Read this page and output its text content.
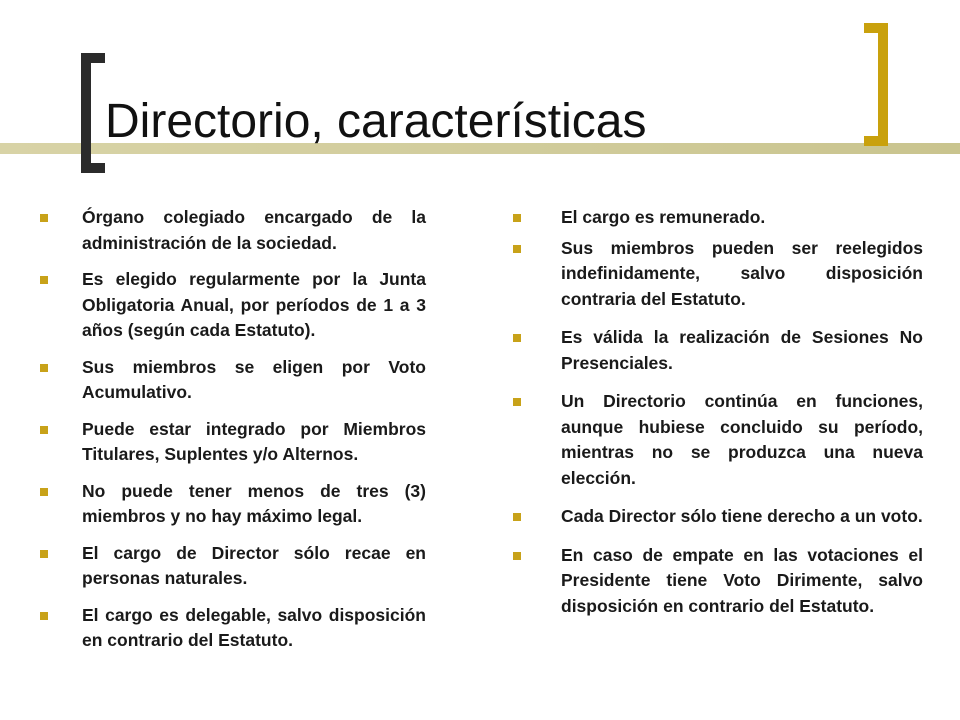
Directorio, características
Órgano colegiado encargado de la administración de la sociedad.
Es elegido regularmente por la Junta Obligatoria Anual, por períodos de 1 a 3 años (según cada Estatuto).
Sus miembros se eligen por Voto Acumulativo.
Puede estar integrado por Miembros Titulares, Suplentes y/o Alternos.
No puede tener menos de tres (3) miembros y no hay máximo legal.
El cargo de Director sólo recae en personas naturales.
El cargo es delegable, salvo disposición en contrario del Estatuto.
El cargo es remunerado.
Sus miembros pueden ser reelegidos indefinidamente, salvo disposición contraria del Estatuto.
Es válida la realización de Sesiones No Presenciales.
Un Directorio continúa en funciones, aunque hubiese concluido su período, mientras no se produzca una nueva elección.
Cada Director sólo tiene derecho a un voto.
En caso de empate en las votaciones el Presidente tiene Voto Dirimente, salvo disposición en contrario del Estatuto.
